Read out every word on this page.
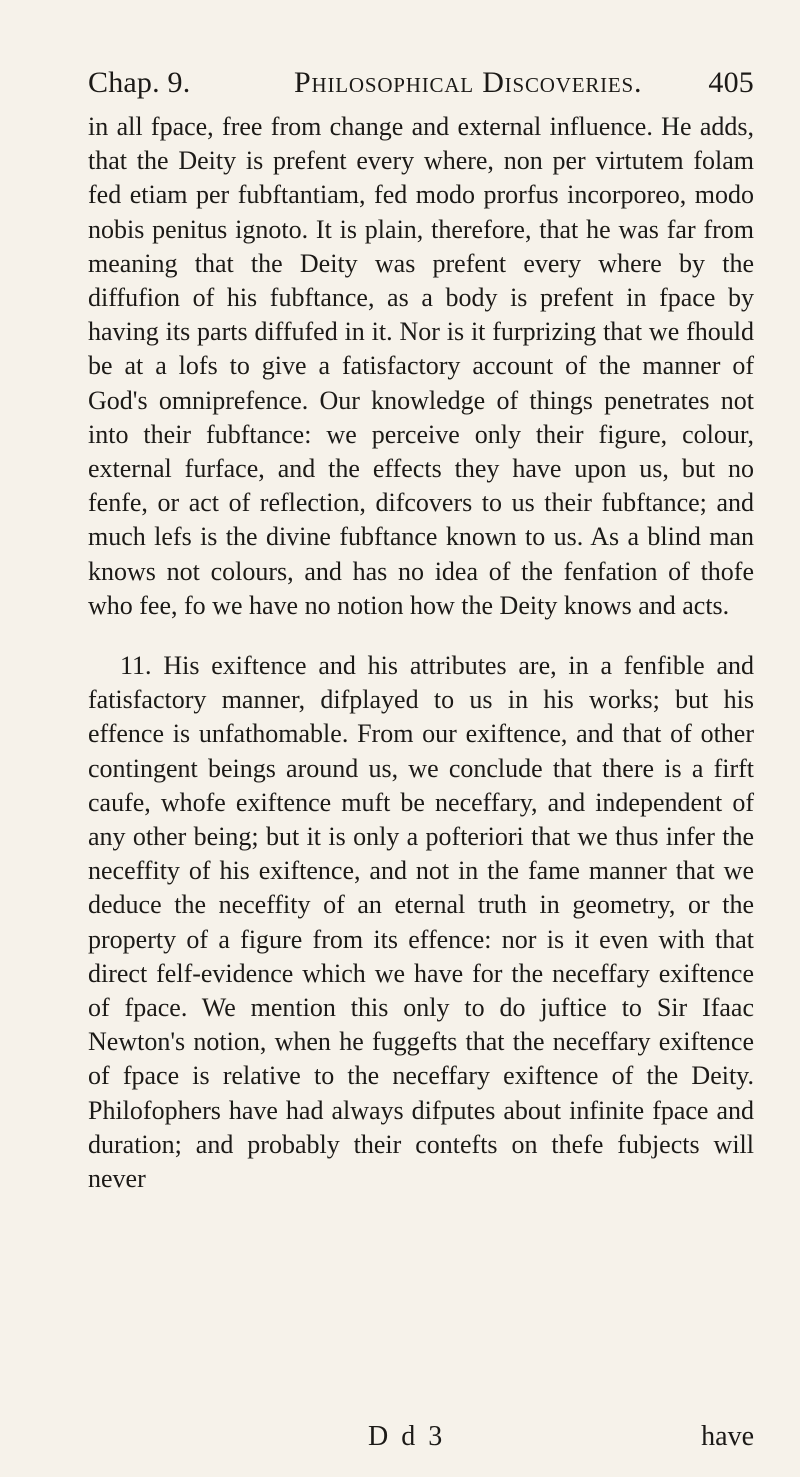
Chap. 9.	Philosophical Discoveries. 405

in all fpace, free from change and external influence. He adds, that the Deity is prefent every where, non per virtutem folam fed etiam per fubftantiam, fed modo prorfus incorporeo, modo nobis penitus ignoto. It is plain, therefore, that he was far from meaning that the Deity was prefent every where by the diffufion of his fubftance, as a body is prefent in fpace by having its parts diffufed in it. Nor is it furprizing that we fhould be at a lofs to give a fatisfactory account of the manner of God's omniprefence. Our knowledge of things penetrates not into their fubftance: we perceive only their figure, colour, external furface, and the effects they have upon us, but no fenfe, or act of reflection, difcovers to us their fubftance; and much lefs is the divine fubftance known to us. As a blind man knows not colours, and has no idea of the fenfation of thofe who fee, fo we have no notion how the Deity knows and acts.

11. His exiftence and his attributes are, in a fenfible and fatisfactory manner, difplayed to us in his works; but his effence is unfathomable. From our exiftence, and that of other contingent beings around us, we conclude that there is a firft caufe, whofe exiftence muft be neceffary, and independent of any other being; but it is only a pofteriori that we thus infer the neceffity of his exiftence, and not in the fame manner that we deduce the neceffity of an eternal truth in geometry, or the property of a figure from its effence: nor is it even with that direct felf-evidence which we have for the neceffary exiftence of fpace. We mention this only to do juftice to Sir Ifaac Newton's notion, when he fuggefts that the neceffary exiftence of fpace is relative to the neceffary exiftence of the Deity. Philofophers have had always difputes about infinite fpace and duration; and probably their contefts on thefe fubjects will never

D d 3	have
